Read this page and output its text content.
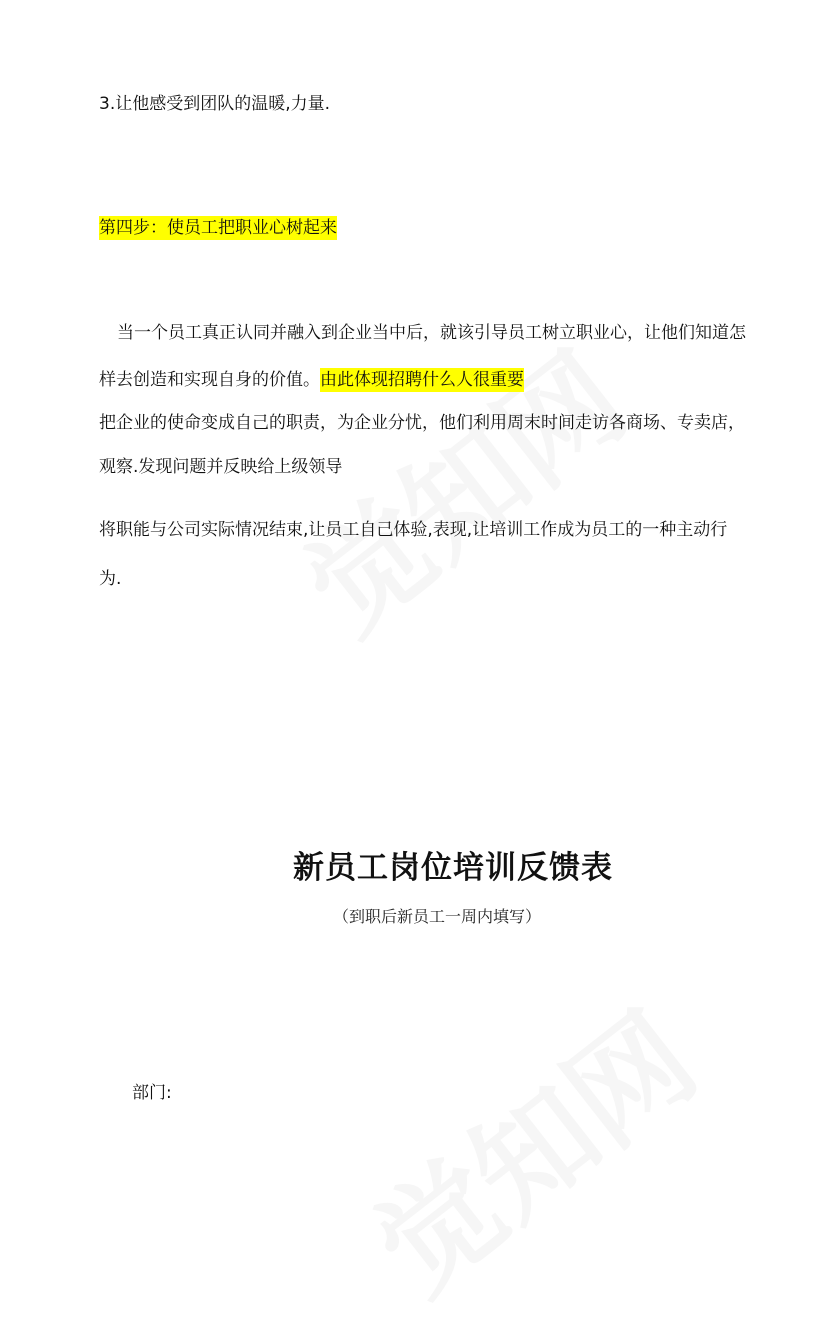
3.让他感受到团队的温暖,力量.
第四步：使员工把职业心树起来
当一个员工真正认同并融入到企业当中后，就该引导员工树立职业心，让他们知道怎
样去创造和实现自身的价值。由此体现招聘什么人很重要
把企业的使命变成自己的职责，为企业分忧，他们利用周末时间走访各商场、专卖店，
观察.发现问题并反映给上级领导
将职能与公司实际情况结束,让员工自己体验,表现,让培训工作成为员工的一种主动行
为.
新员工岗位培训反馈表
（到职后新员工一周内填写）
部门:
